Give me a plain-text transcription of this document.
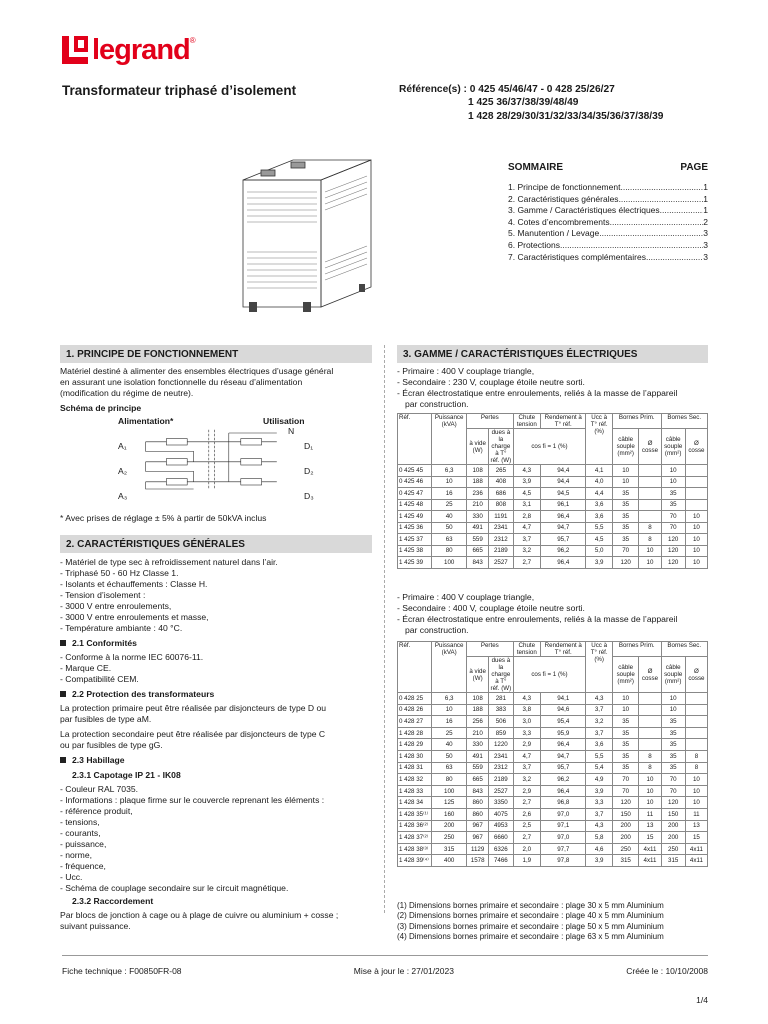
legrand ®
Transformateur triphasé d’isolement	Référence(s) : 0 425 45/46/47 - 0 428 25/26/27
1 425 36/37/38/39/48/49
1 428 28/29/30/31/32/33/34/35/36/37/38/39
SOMMAIRE	PAGE
1. Principe de fonctionnement .....	1
2. Caractéristiques générales .....	1
3. Gamme / Caractéristiques électriques .....	1
4. Cotes d’encombrements .....	2
5. Manutention / Levage .....	3
6. Protections .....	3
7. Caractéristiques complémentaires .....	3
1. PRINCIPE DE FONCTIONNEMENT

Matériel destiné à alimenter des ensembles électriques d’usage général

en assurant une isolation fonctionnelle du réseau d’alimentation

(modification du régime de neutre).

Schéma de principe

Alimentation*	Utilisation
N
A₁
A₂
A₃
D₁
D₂
D₃
* Avec prises de réglage ± 5% à partir de 50kVA inclus
2. CARACTÉRISTIQUES GÉNÉRALES

- Matériel de type sec à refroidissement naturel dans l’air.

- Triphasé 50 - 60 Hz Classe 1.

- Isolants et échauffements : Classe H.

- Tension d’isolement :

- 3000 V entre enroulements,

- 3000 V entre enroulements et masse,

- Température ambiante : 40 °C.

2.1 Conformités

- Conforme à la norme IEC 60076-11.

- Marque CE.

- Compatibilité CEM.

2.2 Protection des transformateurs

La protection primaire peut être réalisée par disjoncteurs de type D ou

par fusibles de type aM.

La protection secondaire peut être réalisée par disjoncteurs de type C

ou par fusibles de type gG.

2.3 Habillage

2.3.1 Capotage IP 21 - IK08

- Couleur RAL 7035.

- Informations : plaque firme sur le couvercle reprenant les éléments :

- référence produit,

- tensions,

- courants,

- puissance,

- norme,

- fréquence,

- Ucc.

- Schéma de couplage secondaire sur le circuit magnétique.

2.3.2 Raccordement

Par blocs de jonction à cage ou à plage de cuivre ou aluminium + cosse ;

suivant puissance.

3. GAMME / CARACTÉRISTIQUES ÉLECTRIQUES

- Primaire : 400 V couplage triangle,

- Secondaire : 230 V, couplage étoile neutre sorti.

- Écran électrostatique entre enroulements, reliés à la masse de l’appareil

par construction.

Réf.	Puissance (kVA)	Pertes		Chute tension	Rendement à T° réf.	Ucc à T° réf. (%)	Bornes Prim.		Bornes Sec.	
		à vide (W)	dues à la charge à T° réf. (W)	cos fi = 1 (%)			câble souple (mm²)	Ø cosse	câble souple (mm²)	Ø cosse

0 425 45	6,3	108	265	4,3	94,4	4,1	10		10	
0 425 46	10	188	408	3,9	94,4	4,0	10		10	
0 425 47	16	236	686	4,5	94,5	4,4	35		35	
1 425 48	25	210	808	3,1	96,1	3,6	35		35	
1 425 49	40	330	1191	2,8	96,4	3,6	35		70	10
1 425 36	50	491	2341	4,7	94,7	5,5	35	8	70	10
1 425 37	63	559	2312	3,7	95,7	4,5	35	8	120	10
1 425 38	80	665	2189	3,2	96,2	5,0	70	10	120	10
1 425 39	100	843	2527	2,7	96,4	3,9	120	10	120	10

- Primaire : 400 V couplage triangle,

- Secondaire : 400 V, couplage étoile neutre sorti.

- Écran électrostatique entre enroulements, reliés à la masse de l’appareil

par construction.

Réf.	Puissance (kVA)	Pertes		Chute tension	Rendement à T° réf.	Ucc à T° réf. (%)	Bornes Prim.		Bornes Sec.	
		à vide (W)	dues à la charge à T° réf. (W)	cos fi = 1 (%)			câble souple (mm²)	Ø cosse	câble souple (mm²)	Ø cosse

0 428 25	6,3	108	281	4,3	94,1	4,3	10		10	
0 428 26	10	188	383	3,8	94,6	3,7	10		10	
0 428 27	16	256	506	3,0	95,4	3,2	35		35	
1 428 28	25	210	859	3,3	95,9	3,7	35		35	
1 428 29	40	330	1220	2,9	96,4	3,6	35		35	
1 428 30	50	491	2341	4,7	94,7	5,5	35	8	35	8
1 428 31	63	559	2312	3,7	95,7	5,4	35	8	35	8
1 428 32	80	665	2189	3,2	96,2	4,9	70	10	70	10
1 428 33	100	843	2527	2,9	96,4	3,9	70	10	70	10
1 428 34	125	860	3350	2,7	96,8	3,3	120	10	120	10
1 428 35⁽¹⁾	160	860	4075	2,6	97,0	3,7	150	11	150	11
1 428 36⁽²⁾	200	967	4953	2,5	97,1	4,3	200	13	200	13
1 428 37⁽²⁾	250	967	6660	2,7	97,0	5,8	200	15	200	15
1 428 38⁽³⁾	315	1129	6326	2,0	97,7	4,6	250	4x11	250	4x11
1 428 39⁽⁴⁾	400	1578	7466	1,9	97,8	3,9	315	4x11	315	4x11
(1) Dimensions bornes primaire et secondaire : plage 30 x 5 mm Aluminium
(2) Dimensions bornes primaire et secondaire : plage 40 x 5 mm Aluminium
(3) Dimensions bornes primaire et secondaire : plage 50 x 5 mm Aluminium
(4) Dimensions bornes primaire et secondaire : plage 63 x 5 mm Aluminium
Fiche technique : F00850FR-08	Mise à jour le : 27/01/2023	Créée le : 10/10/2008
1/4
